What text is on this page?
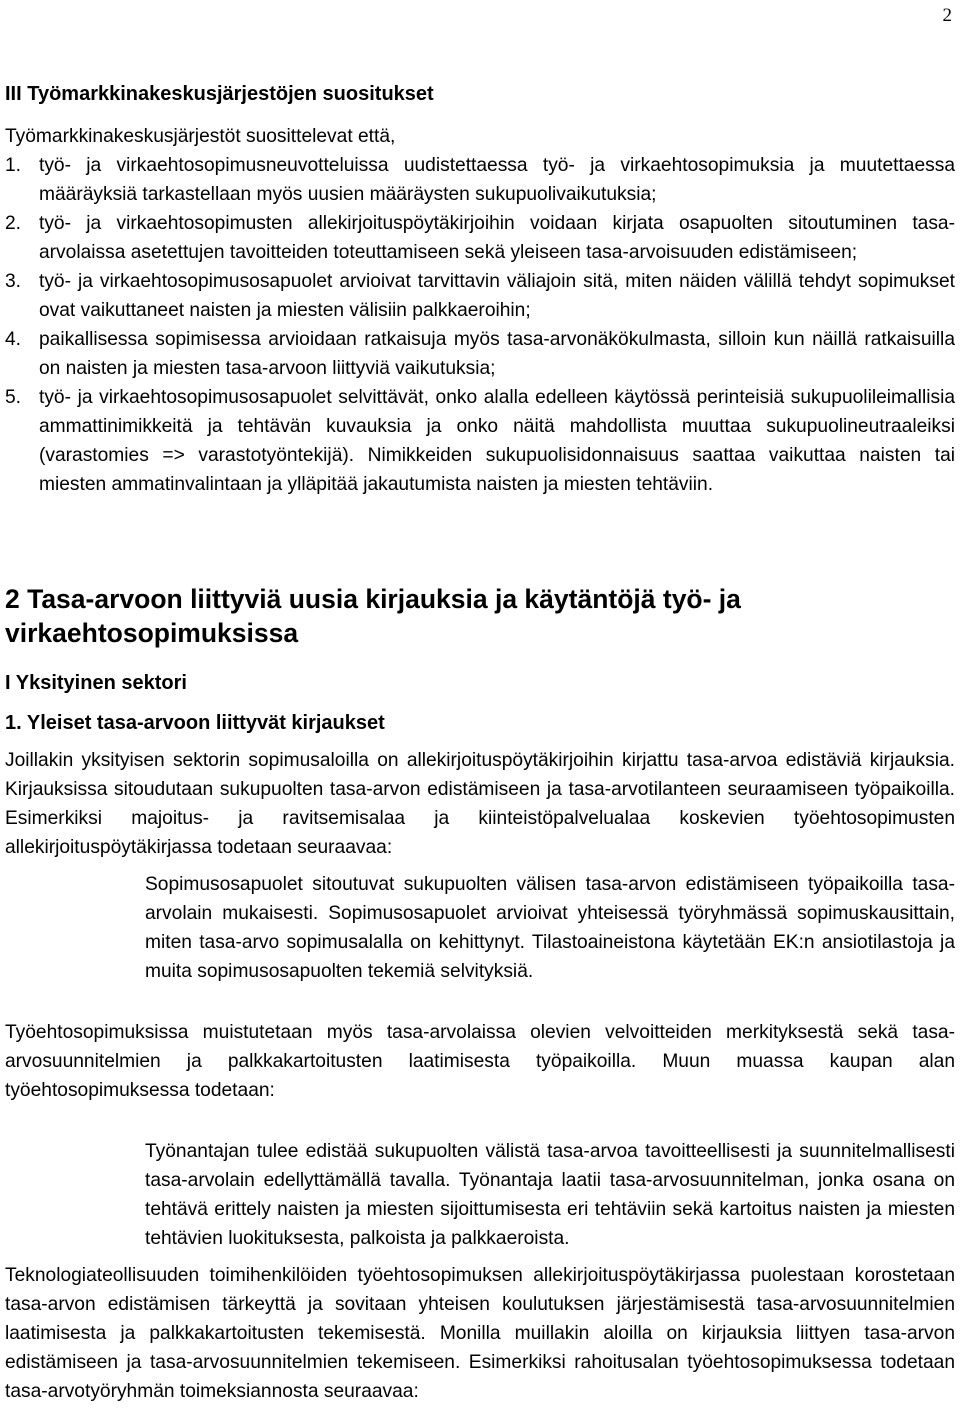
2
III Työmarkkinakeskusjärjestöjen suositukset

Työmarkkinakeskusjärjestöt suosittelevat että,

1. työ- ja virkaehtosopimusneuvotteluissa uudistettaessa työ- ja virkaehtosopimuksia ja muutettaessa määräyksiä tarkastellaan myös uusien määräysten sukupuolivaikutuksia;
2. työ- ja virkaehtosopimusten allekirjoituspöytäkirjoihin voidaan kirjata osapuolten sitoutuminen tasa-arvolaissa asetettujen tavoitteiden toteuttamiseen sekä yleiseen tasa-arvoisuuden edistämiseen;
3. työ- ja virkaehtosopimusosapuolet arvioivat tarvittavin väliajoin sitä, miten näiden välillä tehdyt sopimukset ovat vaikuttaneet naisten ja miesten välisiin palkkaeroihin;
4. paikallisessa sopimisessa arvioidaan ratkaisuja myös tasa-arvonäkökulmasta, silloin kun näillä ratkaisuilla on naisten ja miesten tasa-arvoon liittyviä vaikutuksia;
5. työ- ja virkaehtosopimusosapuolet selvittävät, onko alalla edelleen käytössä perinteisiä sukupuolileimallisia ammattinimikkeitä ja tehtävän kuvauksia ja onko näitä mahdollista muuttaa sukupuolineutraaleiksi (varastomies => varastotyöntekijä). Nimikkeiden sukupuolisidonnaisuus saattaa vaikuttaa naisten tai miesten ammatinvalintaan ja ylläpitää jakautumista naisten ja miesten tehtäviin.
2 Tasa-arvoon liittyviä uusia kirjauksia ja käytäntöjä työ- ja virkaehtosopimuksissa
I Yksityinen sektori
1. Yleiset tasa-arvoon liittyvät kirjaukset

Joillakin yksityisen sektorin sopimusaloilla on allekirjoituspöytäkirjoihin kirjattu tasa-arvoa edistäviä kirjauksia. Kirjauksissa sitoudutaan sukupuolten tasa-arvon edistämiseen ja tasa-arvotilanteen seuraamiseen työpaikoilla. Esimerkiksi majoitus- ja ravitsemisalaa ja kiinteistöpalvelualaa koskevien työehtosopimusten allekirjoituspöytäkirjassa todetaan seuraavaa:

Sopimusosapuolet sitoutuvat sukupuolten välisen tasa-arvon edistämiseen työpaikoilla tasa-arvolain mukaisesti. Sopimusosapuolet arvioivat yhteisessä työryhmässä sopimuskausittain, miten tasa-arvo sopimusalalla on kehittynyt. Tilastoaineistona käytetään EK:n ansiotilastoja ja muita sopimusosapuolten tekemiä selvityksiä.

Työehtosopimuksissa muistutetaan myös tasa-arvolaissa olevien velvoitteiden merkityksestä sekä tasa-arvosuunnitelmien ja palkkakartoitusten laatimisesta työpaikoilla. Muun muassa kaupan alan työehtosopimuksessa todetaan:

Työnantajan tulee edistää sukupuolten välistä tasa-arvoa tavoitteellisesti ja suunnitelmallisesti tasa-arvolain edellyttämällä tavalla. Työnantaja laatii tasa-arvosuunnitelman, jonka osana on tehtävä erittely naisten ja miesten sijoittumisesta eri tehtäviin sekä kartoitus naisten ja miesten tehtävien luokituksesta, palkoista ja palkkaeroista.

Teknologiateollisuuden toimihenkilöiden työehtosopimuksen allekirjoituspöytäkirjassa puolestaan korostetaan tasa-arvon edistämisen tärkeyttä ja sovitaan yhteisen koulutuksen järjestämisestä tasa-arvosuunnitelmien laatimisesta ja palkkakartoitusten tekemisestä. Monilla muillakin aloilla on kirjauksia liittyen tasa-arvon edistämiseen ja tasa-arvosuunnitelmien tekemiseen. Esimerkiksi rahoitusalan työehtosopimuksessa todetaan tasa-arvotyöryhmän toimeksiannosta seuraavaa:
